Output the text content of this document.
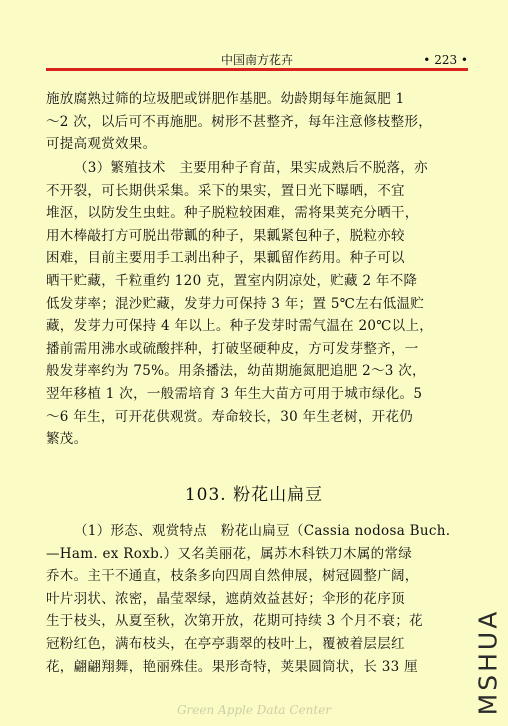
中国南方花卉	• 223 •
施放腐熟过筛的垃圾肥或饼肥作基肥。幼龄期每年施氮肥 1
～2 次，以后可不再施肥。树形不甚整齐，每年注意修枝整形，
可提高观赏效果。
（3）繁殖技术　主要用种子育苗，果实成熟后不脱落，亦
不开裂，可长期供采集。采下的果实，置日光下曝晒，不宜
堆沤，以防发生虫蛀。种子脱粒较困难，需将果荚充分晒干，
用木棒敲打方可脱出带瓤的种子，果瓤紧包种子，脱粒亦较
困难，目前主要用手工剥出种子，果瓤留作药用。种子可以
晒干贮藏，千粒重约 120 克，置室内阴凉处，贮藏 2 年不降
低发芽率；混沙贮藏，发芽力可保持 3 年；置 5℃左右低温贮
藏，发芽力可保持 4 年以上。种子发芽时需气温在 20℃以上，
播前需用沸水或硫酸拌种，打破坚硬种皮，方可发芽整齐，一
般发芽率约为 75%。用条播法，幼苗期施氮肥追肥 2～3 次，
翌年移植 1 次，一般需培育 3 年生大苗方可用于城市绿化。5
～6 年生，可开花供观赏。寿命较长，30 年生老树，开花仍
繁茂。
103. 粉花山扁豆
（1）形态、观赏特点　粉花山扁豆（Cassia nodosa Buch.
—Ham. ex Roxb.）又名美丽花，属苏木科铁刀木属的常绿
乔木。主干不通直，枝条多向四周自然伸展，树冠圆整广阔，
叶片羽状、浓密，晶莹翠绿，遮荫效益甚好；伞形的花序顶
生于枝头，从夏至秋，次第开放，花期可持续 3 个月不衰；花
冠粉红色，满布枝头，在亭亭翡翠的枝叶上，覆被着层层红
花，翩翩翔舞，艳丽殊佳。果形奇特，荚果圆筒状，长 33 厘	MSHUA
Green Apple Data Center
